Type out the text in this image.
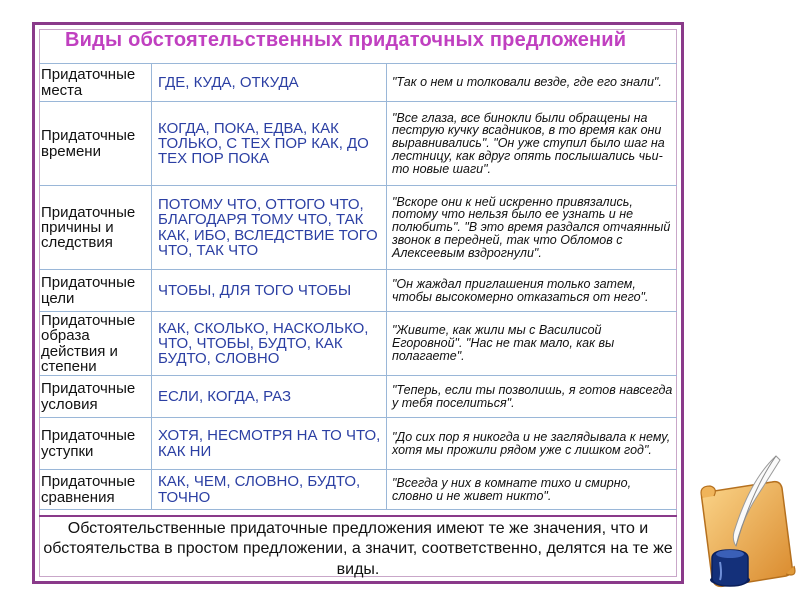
Виды обстоятельственных придаточных предложений
Придаточные места	ГДЕ, КУДА, ОТКУДА	"Так о нем и толковали везде, где его знали".
Придаточные времени	КОГДА, ПОКА, ЕДВА, КАК ТОЛЬКО, С ТЕХ ПОР КАК, ДО ТЕХ ПОР ПОКА	"Все глаза, все бинокли были обращены на пеструю кучку всадников, в то время как они выравнивались". "Он уже ступил было шаг на лестницу, как вдруг опять послышались чьи-то новые шаги".
Придаточные причины и следствия	ПОТОМУ ЧТО, ОТТОГО ЧТО, БЛАГОДАРЯ ТОМУ ЧТО, ТАК КАК, ИБО, ВСЛЕДСТВИЕ ТОГО ЧТО, ТАК ЧТО	"Вскоре они к ней искренно привязались, потому что нельзя было ее узнать и не полюбить". "В это время раздался отчаянный звонок в передней, так что Обломов с Алексеевым вздрогнули".
Придаточные цели	ЧТОБЫ, ДЛЯ ТОГО ЧТОБЫ	"Он жаждал приглашения только затем, чтобы высокомерно отказаться от него".
Придаточные образа действия и степени	КАК, СКОЛЬКО, НАСКОЛЬКО, ЧТО, ЧТОБЫ, БУДТО, КАК БУДТО, СЛОВНО	"Живите, как жили мы с Василисой Егоровной". "Нас не так мало, как вы полагаете".
Придаточные условия	ЕСЛИ, КОГДА, РАЗ	"Теперь, если ты позволишь, я готов навсегда у тебя поселиться".
Придаточные уступки	ХОТЯ, НЕСМОТРЯ НА ТО ЧТО, КАК НИ	"До сих пор я никогда и не заглядывала к нему, хотя мы прожили рядом уже с лишком год".
Придаточные сравнения	КАК, ЧЕМ, СЛОВНО, БУДТО, ТОЧНО	"Всегда у них в комнате тихо и смирно, словно и не живет никто".
Обстоятельственные придаточные предложения имеют те же значения, что и обстоятельства в простом предложении, а значит, соответственно, делятся на те же виды.
